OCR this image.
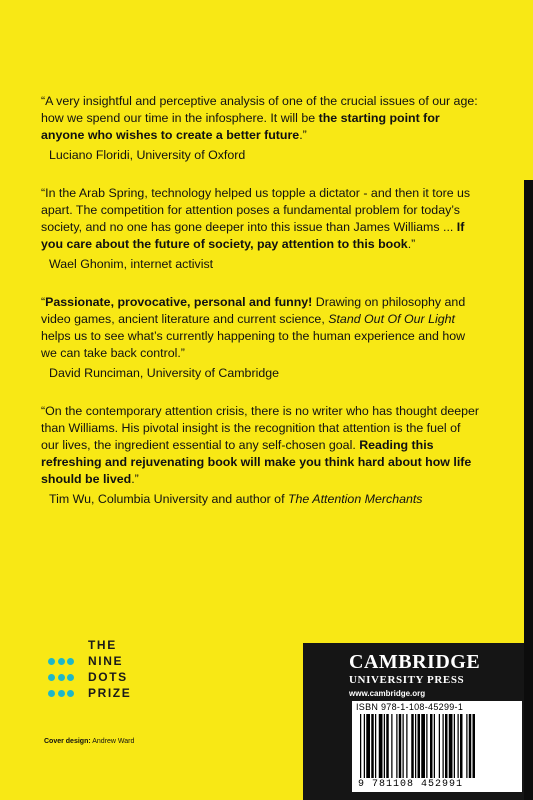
“A very insightful and perceptive analysis of one of the crucial issues of our age: how we spend our time in the infosphere. It will be the starting point for anyone who wishes to create a better future.”

Luciano Floridi, University of Oxford

“In the Arab Spring, technology helped us topple a dictator - and then it tore us apart. The competition for attention poses a fundamental problem for today’s society, and no one has gone deeper into this issue than James Williams ... If you care about the future of society, pay attention to this book.”

Wael Ghonim, internet activist

“Passionate, provocative, personal and funny! Drawing on philosophy and video games, ancient literature and current science, Stand Out Of Our Light helps us to see what’s currently happening to the human experience and how we can take back control.”

David Runciman, University of Cambridge

“On the contemporary attention crisis, there is no writer who has thought deeper than Williams. His pivotal insight is the recognition that attention is the fuel of our lives, the ingredient essential to any self-chosen goal. Reading this refreshing and rejuvenating book will make you think hard about how life should be lived.”

Tim Wu, Columbia University and author of The Attention Merchants

THE
NINE
DOTS
PRIZE
Cover design: Andrew Ward
CAMBRIDGE
UNIVERSITY PRESS
www.cambridge.org
ISBN 978-1-108-45299-1
9 781108 452991
